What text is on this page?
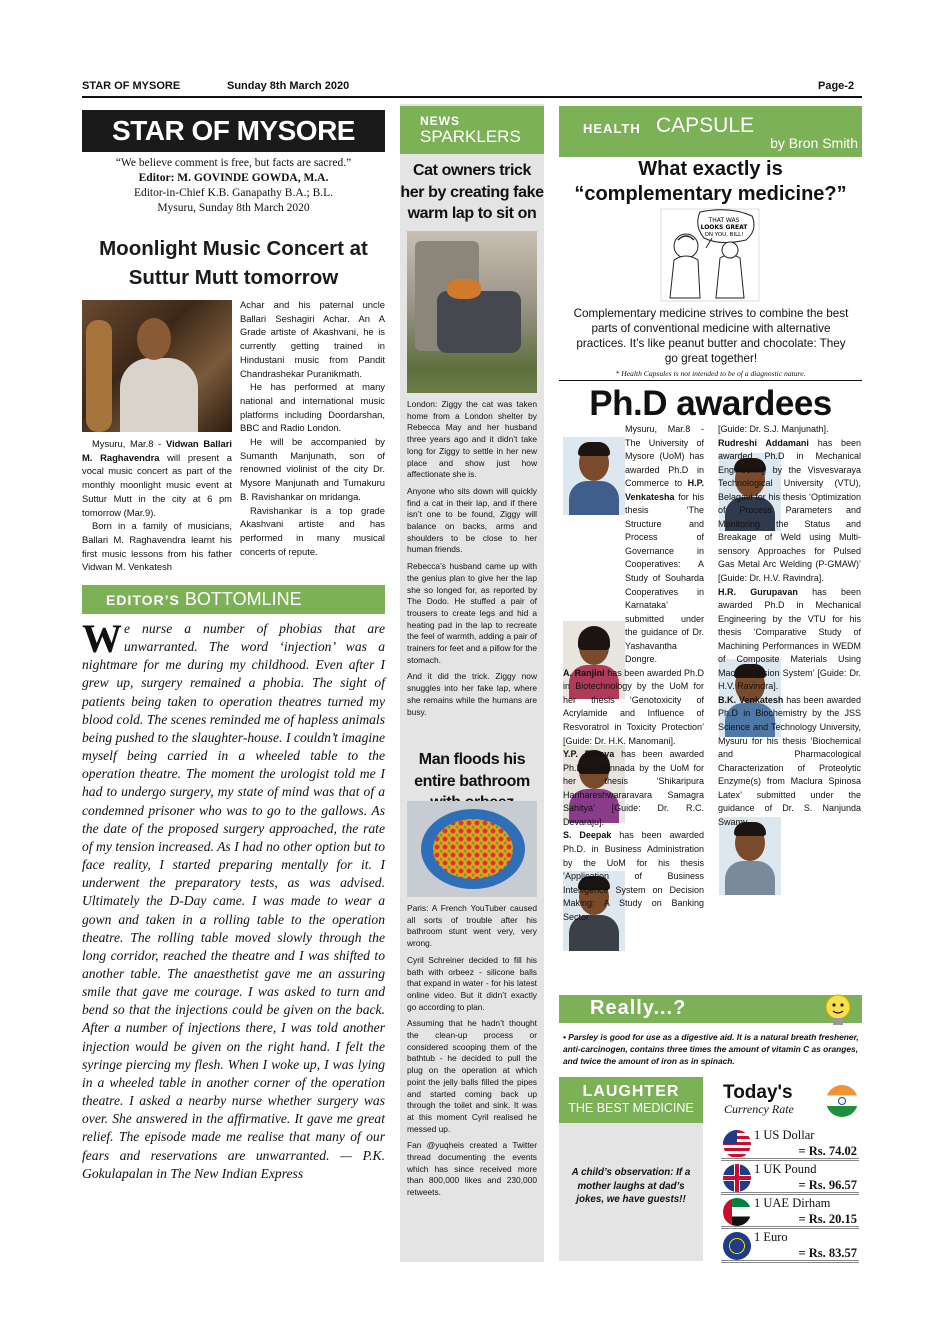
STAR OF MYSORE	Sunday 8th March 2020	Page-2
STAR OF MYSORE
“We believe comment is free, but facts are sacred.”
Editor: M. GOVINDE GOWDA, M.A.
Editor-in-Chief K.B. Ganapathy B.A.; B.L.
Mysuru, Sunday 8th March 2020
Moonlight Music Concert at Suttur Mutt tomorrow

Achar and his paternal uncle Ballari Seshagiri Achar. An A Grade artiste of Akashvani, he is currently getting trained in Hindustani music from Pandit Chandrashekar Puranikmath.

He has performed at many national and international music platforms including Doordarshan, BBC and Radio London.

He will be accompanied by Sumanth Manjunath, son of renowned violinist of the city Dr. Mysore Manjunath and Tumakuru B. Ravishankar on mridanga.

Ravishankar is a top grade Akashvani artiste and has performed in many musical concerts of repute.

Mysuru, Mar.8 - Vidwan Ballari M. Raghavendra will present a vocal music concert as part of the monthly moonlight music event at Suttur Mutt in the city at 6 pm tomorrow (Mar.9).

Born in a family of musicians, Ballari M. Raghavendra learnt his first music lessons from his father Vidwan M. Venkatesh

EDITOR’S BOTTOMLINE
We nurse a number of phobias that are unwarranted. The word ‘injection’ was a nightmare for me during my childhood. Even after I grew up, surgery remained a phobia. The sight of patients being taken to operation theatres turned my blood cold. The scenes reminded me of hapless animals being pushed to the slaughter-house. I couldn’t imagine myself being carried in a wheeled table to the operation theatre. The moment the urologist told me I had to undergo surgery, my state of mind was that of a condemned prisoner who was to go to the gallows. As the date of the proposed surgery approached, the rate of my tension increased. As I had no other option but to face reality, I started preparing mentally for it. I underwent the preparatory tests, as was advised. Ultimately the D-Day came. I was made to wear a gown and taken in a rolling table to the operation theatre. The rolling table moved slowly through the long corridor, reached the theatre and I was shifted to another table. The anaesthetist gave me an assuring smile that gave me courage. I was asked to turn and bend so that the injections could be given on the back. After a number of injections there, I was told another injection would be given on the right hand. I felt the syringe piercing my flesh. When I woke up, I was lying in a wheeled table in another corner of the operation theatre. I asked a nearby nurse whether surgery was over. She answered in the affirmative. It gave me great relief. The episode made me realise that many of our fears and reservations are unwarranted. — P.K. Gokulapalan in The New Indian Express
NEWS
SPARKLERS
Cat owners trick her by creating fake warm lap to sit on

London: Ziggy the cat was taken home from a London shelter by Rebecca May and her husband three years ago and it didn’t take long for Ziggy to settle in her new place and show just how affectionate she is.

Anyone who sits down will quickly find a cat in their lap, and if there isn’t one to be found, Ziggy will balance on backs, arms and shoulders to be close to her human friends.

Rebecca’s husband came up with the genius plan to give her the lap she so longed for, as reported by The Dodo. He stuffed a pair of trousers to create legs and hid a heating pad in the lap to recreate the feel of warmth, adding a pair of trainers for feet and a pillow for the stomach.

And it did the trick. Ziggy now snuggles into her fake lap, where she remains while the humans are busy.

Man floods his entire bathroom

Paris: A French YouTuber caused all sorts of trouble after his bathroom stunt went very, very wrong.

Cyril Schreiner decided to fill his bath with orbeez - silicone balls that expand in water - for his latest online video. But it didn’t exactly go according to plan.

Assuming that he hadn’t thought the clean-up process or considered scooping them of the bathtub - he decided to pull the plug on the operation at which point the jelly balls filled the pipes and started coming back up through the toilet and sink. It was at this moment Cyril realised he messed up.

Fan @yuqheis created a Twitter thread documenting the events which has since received more than 800,000 likes and 230,000 retweets.

HEALTH CAPSULE
by Bron Smith
What exactly is “complementary medicine?”
THAT WAS
LOOKS GREAT
ON YOU, BILL!
Complementary medicine strives to combine the best parts of conventional medicine with alternative practices. It’s like peanut butter and chocolate: They go great together!
* Health Capsules is not intended to be of a diagnostic nature.
Ph.D awardees
Mysuru, Mar.8 - The University of Mysore (UoM) has awarded Ph.D in Commerce to H.P. Venkatesha for his thesis ‘The Structure and Process of Governance in Cooperatives: A Study of Souharda Cooperatives in Karnataka’ submitted under the guidance of Dr. Yashavantha Dongre.
A. Ranjini has been awarded Ph.D in Biotechnology by the UoM for her thesis ‘Genotoxicity of Acrylamide and Influence of Resvoratrol in Toxicity Protection’ [Guide: Dr. H.K. Manomani].
Y.P. Ramya has been awarded Ph.D in Kannada by the UoM for her thesis ‘Shikaripura Harihareshwararavara Samagra Sahitya’ [Guide: Dr. R.C. Devaraju].
S. Deepak has been awarded Ph.D. in Business Administration by the UoM for his thesis ‘Application of Business Intelligence System on Decision Making: A Study on Banking Sector’
[Guide: Dr. S.J. Manjunath].
Rudreshi Addamani has been awarded Ph.D in Mechanical Engineering by the Visvesvaraya Technological University (VTU), Belagavi for his thesis ‘Optimization of Process Parameters and Monitoring the Status and Breakage of Weld using Multi-sensory Approaches for Pulsed Gas Metal Arc Welding (P-GMAW)’ [Guide: Dr. H.V. Ravindra].
H.R. Gurupavan has been awarded Ph.D in Mechanical Engineering by the VTU for his thesis ‘Comparative Study of Machining Performances in WEDM of Composite Materials Using Machine Vision System’ [Guide: Dr. H.V. Ravindra].
B.K. Venkatesh has been awarded Ph.D in Biochemistry by the JSS Science and Technology University, Mysuru for his thesis ‘Biochemical and Pharmacological Characterization of Proteolytic Enzyme(s) from Maclura Spinosa Latex’ submitted under the guidance of Dr. S. Nanjunda Swamy.
Really...?
• Parsley is good for use as a digestive aid. It is a natural breath freshener, anti-carcinogen, contains three times the amount of vitamin C as oranges, and twice the amount of iron as in spinach.
LAUGHTER
THE BEST MEDICINE
A child’s observation: If a mother laughs at dad’s jokes, we have guests!!
Today's
Currency Rate
1 US Dollar
= Rs. 74.02
1 UK Pound
= Rs. 96.57
1 UAE Dirham
= Rs. 20.15
1 Euro
= Rs. 83.57
